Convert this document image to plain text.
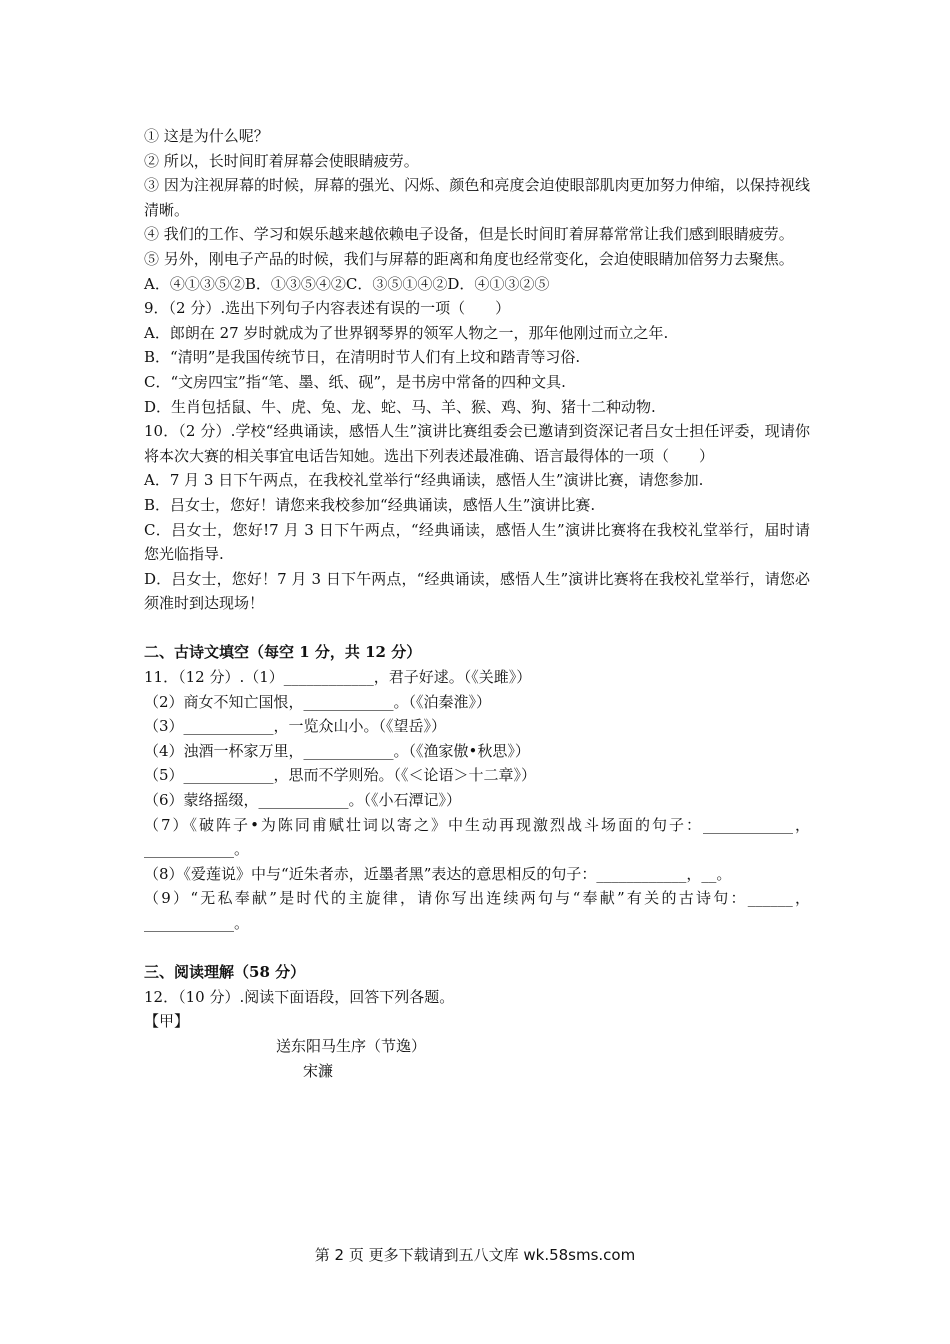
① 这是为什么呢？
② 所以，长时间盯着屏幕会使眼睛疲劳。
③ 因为注视屏幕的时候，屏幕的强光、闪烁、颜色和亮度会迫使眼部肌肉更加努力伸缩，以保持视线清晰。
④ 我们的工作、学习和娱乐越来越依赖电子设备，但是长时间盯着屏幕常常让我们感到眼睛疲劳。
⑤ 另外，刚电子产品的时候，我们与屏幕的距离和角度也经常变化，会迫使眼睛加倍努力去聚焦。
A．④①③⑤②B．①③⑤④②C．③⑤①④②D．④①③②⑤
9．（2 分）.选出下列句子内容表述有误的一项（　　）
A．郎朗在 27 岁时就成为了世界钢琴界的领军人物之一，那年他刚过而立之年.
B．“清明”是我国传统节日，在清明时节人们有上坟和踏青等习俗.
C．“文房四宝”指“笔、墨、纸、砚”，是书房中常备的四种文具.
D．生肖包括鼠、牛、虎、兔、龙、蛇、马、羊、猴、鸡、狗、猪十二种动物.
10．（2 分）.学校“经典诵读，感悟人生”演讲比赛组委会已邀请到资深记者吕女士担任评委，现请你将本次大赛的相关事宜电话告知她。选出下列表述最准确、语言最得体的一项（　　）
A．7 月 3 日下午两点，在我校礼堂举行“经典诵读，感悟人生”演讲比赛，请您参加.
B．吕女士，您好！请您来我校参加“经典诵读，感悟人生”演讲比赛.
C．吕女士，您好!7 月 3 日下午两点，“经典诵读，感悟人生”演讲比赛将在我校礼堂举行，届时请您光临指导.
D．吕女士，您好！7 月 3 日下午两点，“经典诵读，感悟人生”演讲比赛将在我校礼堂举行，请您必须准时到达现场！
二、古诗文填空（每空 1 分，共 12 分）
11．（12 分）.（1）____________，君子好逑。（《关雎》）
（2）商女不知亡国恨，____________。（《泊秦淮》）
（3）____________，一览众山小。（《望岳》）
（4）浊酒一杯家万里，____________。（《渔家傲•秋思》）
（5）____________，思而不学则殆。（《＜论语＞十二章》）
（6）蒙络摇缀，____________。（《小石潭记》）
（7）《破阵子•为陈同甫赋壮词以寄之》中生动再现激烈战斗场面的句子：____________，____________。
（8）《爱莲说》中与“近朱者赤，近墨者黑”表达的意思相反的句子：____________，__。
（9）“无私奉献”是时代的主旋律，请你写出连续两句与“奉献”有关的古诗句：______，____________。
三、阅读理解（58 分）
12．（10 分）.阅读下面语段，回答下列各题。
【甲】
送东阳马生序（节逸）
宋濂
第 2 页 更多下载请到五八文库 wk.58sms.com
